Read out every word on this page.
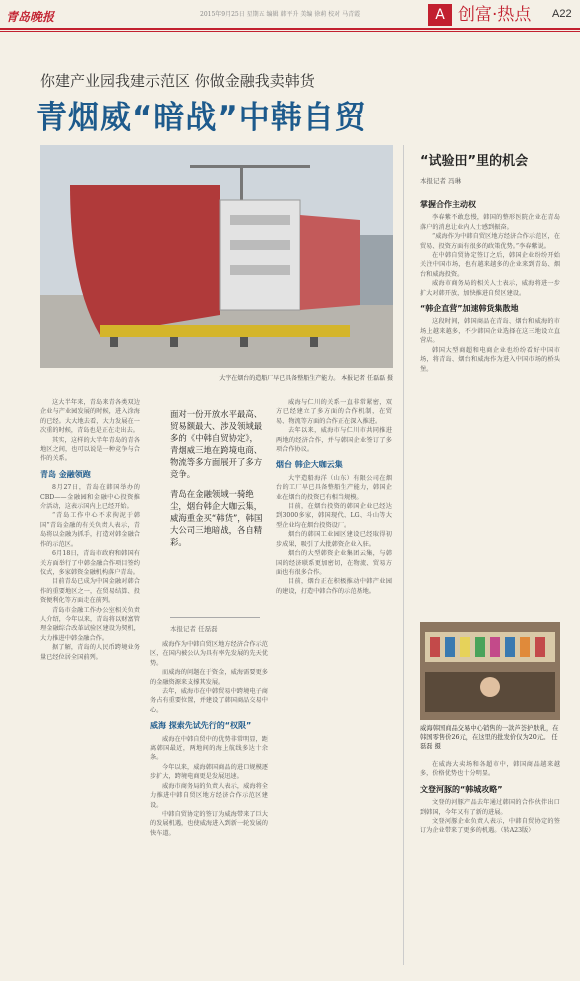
青岛晚报	2015年9月25日 星期五 编辑 韩平升 美编 徐莉 校对 马青霞	A 创富·热点	A22
你建产业园我建示范区 你做金融我卖韩货
青烟威“暗战”中韩自贸
大宇在烟台的造船厂早已具备整船生产能力。 本报记者 任磊磊 摄

这大半年来，青岛来青各类双边企业与产业园发展的时候，进入涂海的已经。大大地去看，大力发展在一次重的时候，青岛也是正在走出去。

其实，这样的大半年青岛的青各地区之间，也可以说是一种竞争与合作的关系。

青岛 金融领跑

8月27日，青岛在韩国举办的CBD——金融园和金融中心投资推介活动，这表示国内上已经开始。

“青岛工作中心不求拘泥于韩国”青岛金融的有关负责人表示，青岛将以金融为抓手，打造对韩金融合作的示范区。

6月18日，青岛市政府和韩国有关方面举行了中韩金融合作项目签约仪式，多家韩资金融机构落户青岛。

目前青岛已成为中国金融对韩合作的重要地区之一，在贸易结算、投资便利化等方面走在前列。

青岛市金融工作办公室相关负责人介绍，今年以来，青岛将以财富管理金融综合改革试验区建设为契机，大力推进中韩金融合作。

据了解，青岛的人民币跨境业务量已经位居全国前列。

面对一份开放水平最高、贸易额最大、涉及领域最多的《中韩自贸协定》，青烟威三地在跨境电商、物流等多方面展开了多方竞争。
青岛在金融领域一骑绝尘，烟台韩企大咖云集，威海重金买“韩货”，韩国大公司三地暗战，各自精彩。
本报记者 任磊磊

威海作为中韩自贸区地方经济合作示范区，在国内被公认为具有率先发展的先天优势。

而威海的问题在于资金，威海需要更多的金融资源来支撑其发展。

去年，威海市在中韩贸易中跨境电子商务占有重要位置，并建设了韩国商品交易中心。

威海 探索先试先行的“权限”

威海在中韩自贸中的优势非常明显，距离韩国最近，两地间的海上航线多达十余条。

今年以来，威海韩国商品的进口规模逐步扩大，跨境电商更是发展迅速。

威海市商务局的负责人表示，威海将全力推进中韩自贸区地方经济合作示范区建设。

中韩自贸协定的签订为威海带来了巨大的发展机遇，也使威海进入到新一轮发展的快车道。

威海与仁川的关系一直非常紧密，双方已经建立了多方面的合作机制，在贸易、物流等方面的合作正在深入推进。

去年以来，威海市与仁川市共同推进两地的经济合作，并与韩国企业签订了多项合作协议。

烟台 韩企大咖云集

大宇造船海洋（山东）有限公司在烟台的工厂早已具备整船生产能力，韩国企业在烟台的投资已有相当规模。

目前，在烟台投资的韩国企业已经达到3000多家，韩国现代、LG、斗山等大型企业均在烟台投资设厂。

烟台的韩国工业园区建设已经取得初步成果，吸引了大批韩资企业入驻。

烟台的大型韩资企业集团云集，与韩国的经济联系更加密切，在物流、贸易方面也有很多合作。

目前，烟台正在积极推动中韩产业园的建设，打造中韩合作的示范基地。

“试验田”里的机会
本报记者 冯琳
掌握合作主动权

李春紫不敢怠慢，韩国的整形医院企业在青岛落户的消息让业内人士感到振奋。

“威海作为中韩自贸区地方经济合作示范区，在贸易、投资方面有很多的政策优势。”李春紫说。

在中韩自贸协定签订之后，韩国企业纷纷开始关注中国市场，也有越来越多的企业来到青岛、烟台和威海投资。

威海市商务局的相关人士表示，威海将进一步扩大对韩开放，加快推进自贸区建设。

“韩企直营”加速韩货集散地

这段时间，韩国商品在青岛、烟台和威海的市场上越来越多，不少韩国企业选择在这三地设立直营店。

韩国大型商超和电商企业也纷纷看好中国市场，将青岛、烟台和威海作为进入中国市场的桥头堡。

威海韩国商品交易中心销售的一款芦荟护肤乳，在韩国零售价26元，在这里的批发价仅为20元。 任磊磊 摄

在威海大卖场和各超市中，韩国商品越来越多，价格优势也十分明显。

文登河豚的“韩城攻略”

文登的河豚产品去年通过韩国的合作伙伴出口到韩国，今年又有了新的进展。

文登河豚企业负责人表示，中韩自贸协定的签订为企业带来了更多的机遇。（转A23版）
